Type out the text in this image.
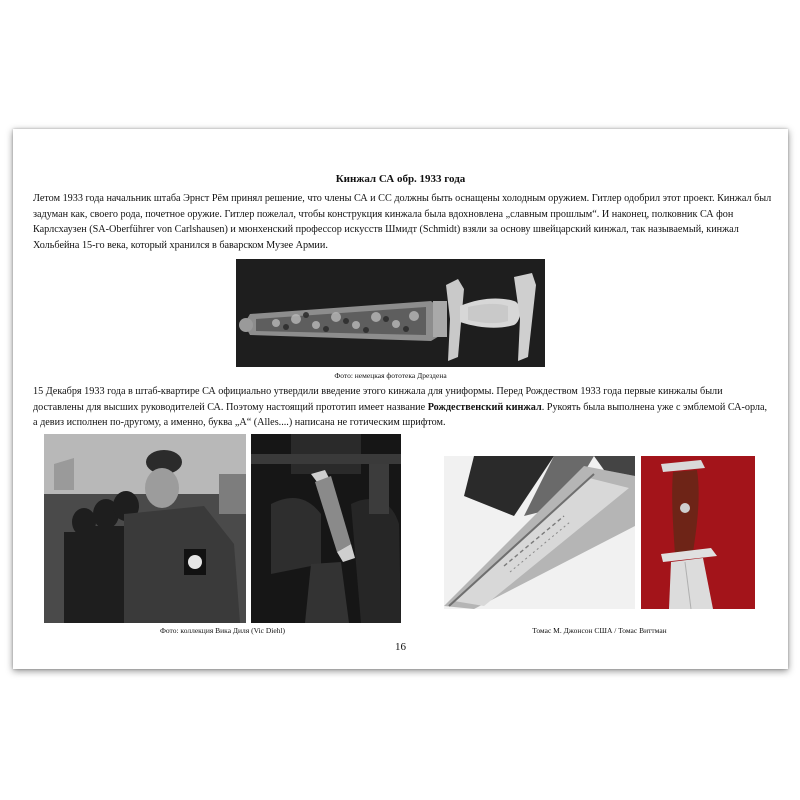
Кинжал СА обр. 1933 года
Летом 1933 года начальник штаба Эрнст Рём принял решение, что члены СА и СС должны быть оснащены холодным оружием. Гитлер одобрил этот проект. Кинжал был задуман как, своего рода, почетное оружие. Гитлер пожелал, чтобы конструкция кинжала была вдохновлена „славным прошлым“. И наконец, полковник СА фон Карлсхаузен (SA-Oberführer von Carlshausen) и мюнхенский профессор искусств Шмидт (Schmidt) взяли за основу швейцарский кинжал, так называемый, кинжал Хольбейна 15-го века, который хранился в баварском Музее Армии.
Фото: немецкая фототека Дрездена
15 Декабря 1933 года в штаб-квартире СА официально утвердили введение этого кинжала для униформы. Перед Рождеством 1933 года первые кинжалы были доставлены для высших руководителей СА. Поэтому настоящий прототип имеет название Рождественский кинжал. Рукоять была выполнена уже с эмблемой СА-орла, а девиз исполнен по-другому, а именно, буква „A“ (Alles....) написана не готическим шрифтом.
Фото: коллекция Вика Диля (Vic Diehl)	Томас М. Джонсон США / Томас Виттман
16
